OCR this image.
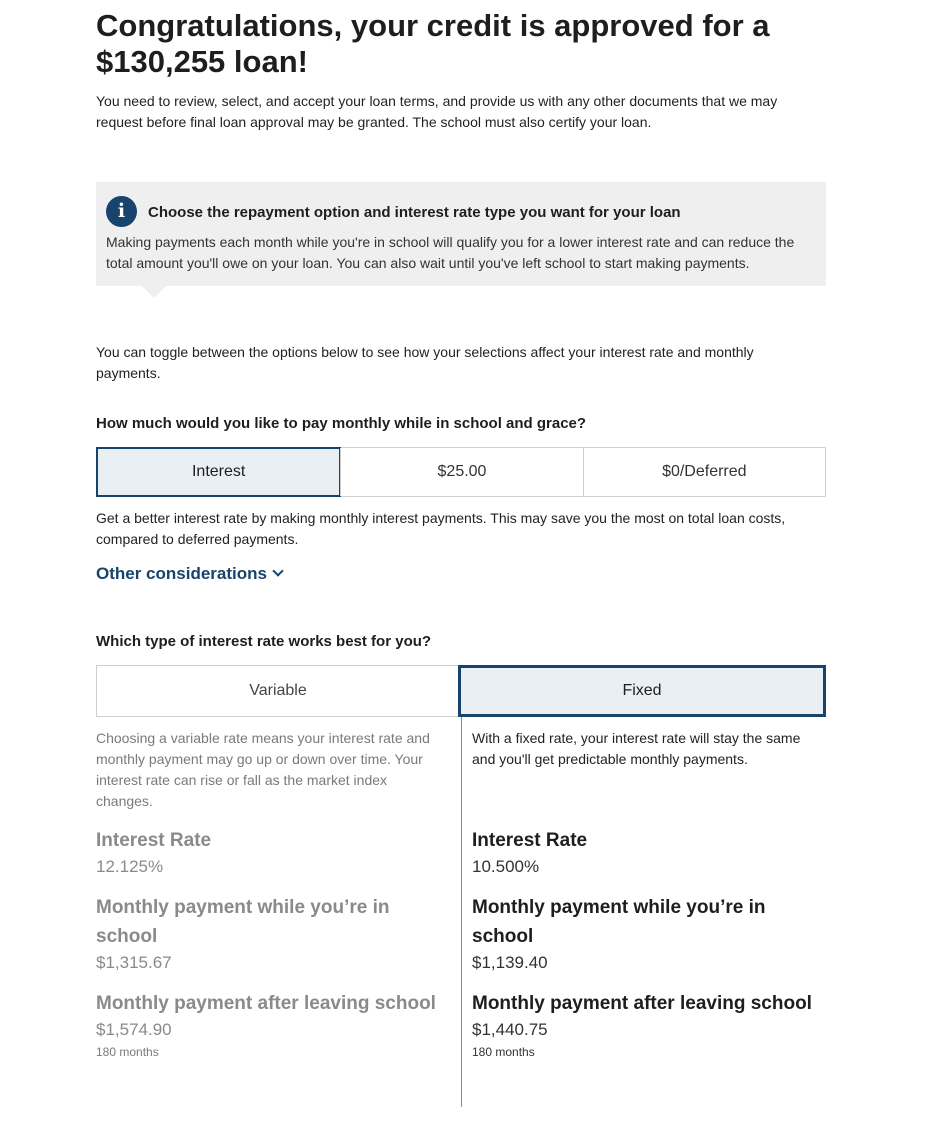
Congratulations, your credit is approved for a $130,255 loan!

You need to review, select, and accept your loan terms, and provide us with any other documents that we may request before final loan approval may be granted. The school must also certify your loan.

i	Choose the repayment option and interest rate type you want for your loan
Making payments each month while you're in school will qualify you for a lower interest rate and can reduce the total amount you'll owe on your loan. You can also wait until you've left school to start making payments.

You can toggle between the options below to see how your selections affect your interest rate and monthly payments.

How much would you like to pay monthly while in school and grace?
Interest	$25.00	$0/Deferred

Get a better interest rate by making monthly interest payments. This may save you the most on total loan costs, compared to deferred payments.

Other considerations
Which type of interest rate works best for you?
Variable	Fixed

Choosing a variable rate means your interest rate and monthly payment may go up or down over time. Your interest rate can rise or fall as the market index changes.

Interest Rate
12.125%
Monthly payment while you’re in school
$1,315.67
Monthly payment after leaving school
$1,574.90
180 months

With a fixed rate, your interest rate will stay the same and you'll get predictable monthly payments.

Interest Rate
10.500%
Monthly payment while you’re in school
$1,139.40
Monthly payment after leaving school
$1,440.75
180 months
